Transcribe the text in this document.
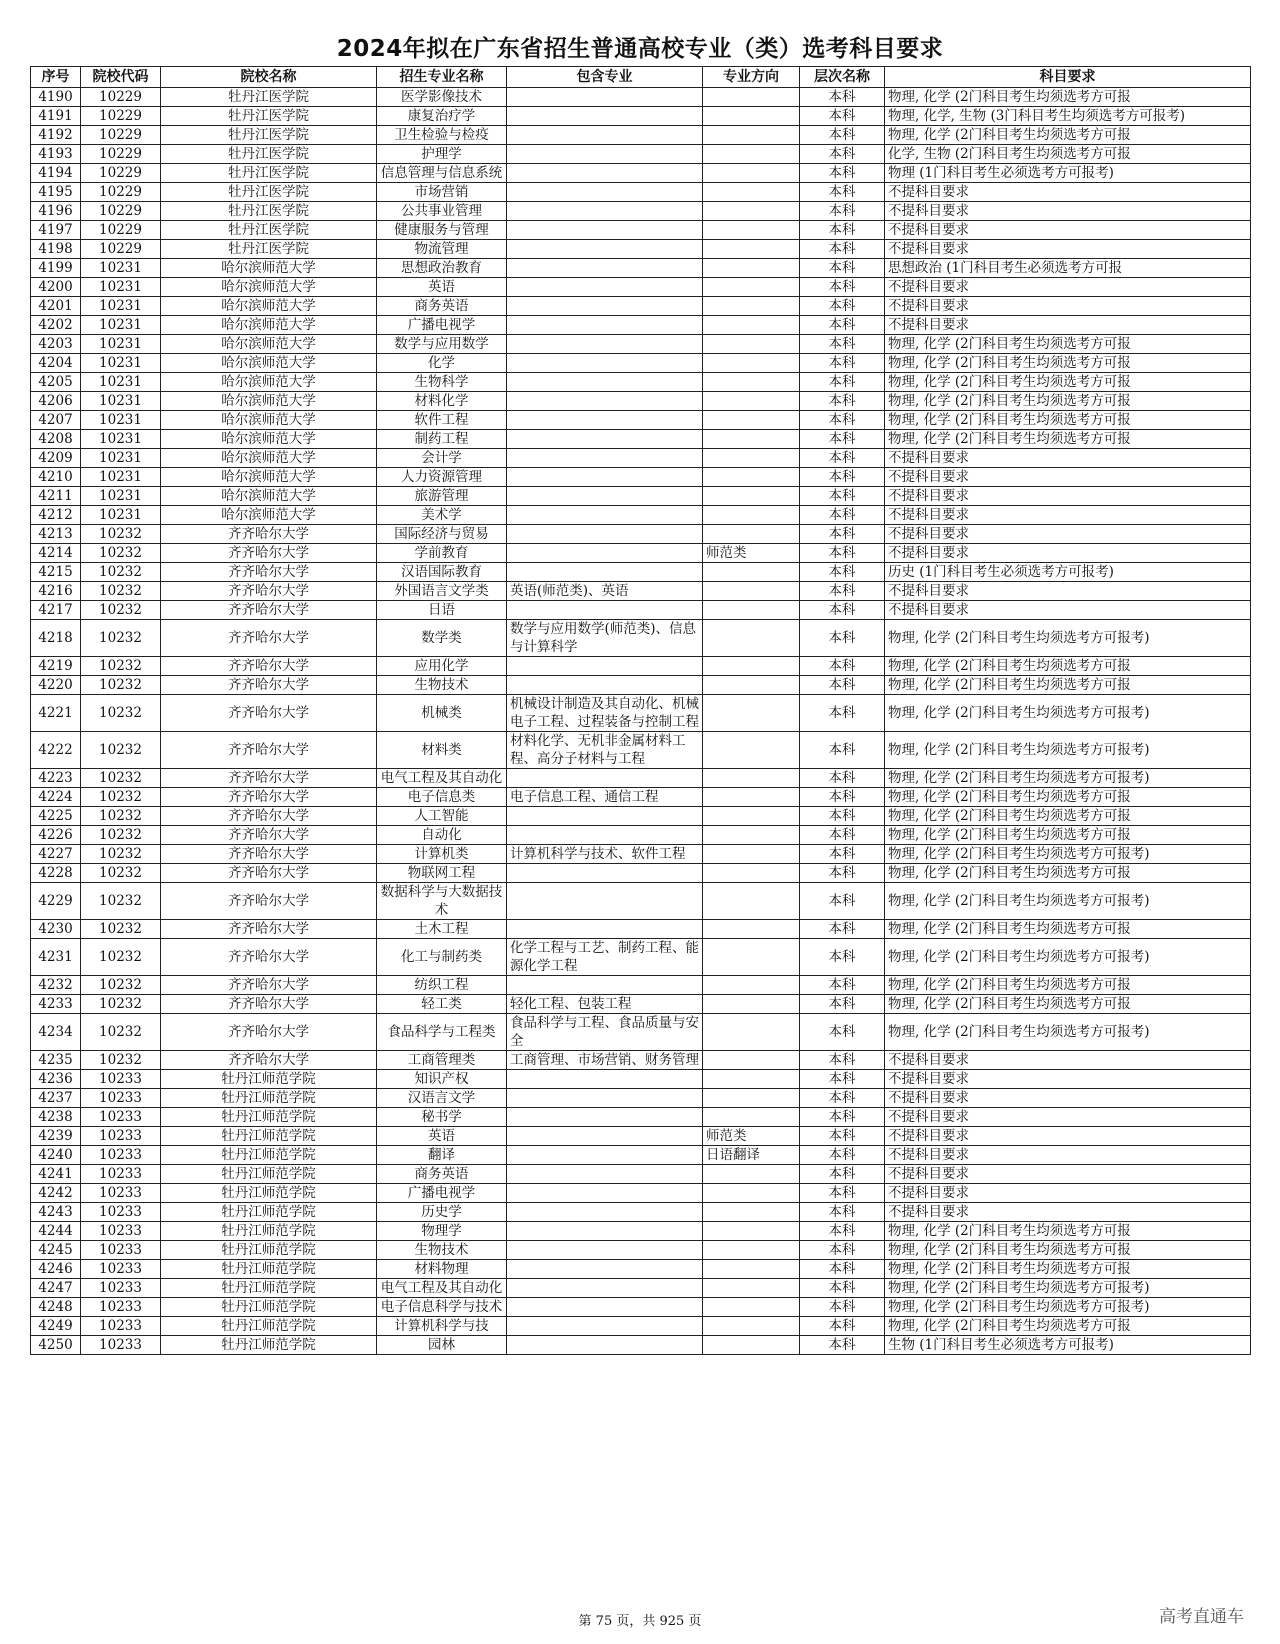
2024年拟在广东省招生普通高校专业（类）选考科目要求
序号	院校代码	院校名称	招生专业名称	包含专业	专业方向	层次名称	科目要求
4190	10229	牡丹江医学院	医学影像技术			本科	物理, 化学 (2门科目考生均须选考方可报
4191	10229	牡丹江医学院	康复治疗学			本科	物理, 化学, 生物 (3门科目考生均须选考方可报考)
4192	10229	牡丹江医学院	卫生检验与检疫			本科	物理, 化学 (2门科目考生均须选考方可报
4193	10229	牡丹江医学院	护理学			本科	化学, 生物 (2门科目考生均须选考方可报
4194	10229	牡丹江医学院	信息管理与信息系统			本科	物理 (1门科目考生必须选考方可报考)
4195	10229	牡丹江医学院	市场营销			本科	不提科目要求
4196	10229	牡丹江医学院	公共事业管理			本科	不提科目要求
4197	10229	牡丹江医学院	健康服务与管理			本科	不提科目要求
4198	10229	牡丹江医学院	物流管理			本科	不提科目要求
4199	10231	哈尔滨师范大学	思想政治教育			本科	思想政治 (1门科目考生必须选考方可报
4200	10231	哈尔滨师范大学	英语			本科	不提科目要求
4201	10231	哈尔滨师范大学	商务英语			本科	不提科目要求
4202	10231	哈尔滨师范大学	广播电视学			本科	不提科目要求
4203	10231	哈尔滨师范大学	数学与应用数学			本科	物理, 化学 (2门科目考生均须选考方可报
4204	10231	哈尔滨师范大学	化学			本科	物理, 化学 (2门科目考生均须选考方可报
4205	10231	哈尔滨师范大学	生物科学			本科	物理, 化学 (2门科目考生均须选考方可报
4206	10231	哈尔滨师范大学	材料化学			本科	物理, 化学 (2门科目考生均须选考方可报
4207	10231	哈尔滨师范大学	软件工程			本科	物理, 化学 (2门科目考生均须选考方可报
4208	10231	哈尔滨师范大学	制药工程			本科	物理, 化学 (2门科目考生均须选考方可报
4209	10231	哈尔滨师范大学	会计学			本科	不提科目要求
4210	10231	哈尔滨师范大学	人力资源管理			本科	不提科目要求
4211	10231	哈尔滨师范大学	旅游管理			本科	不提科目要求
4212	10231	哈尔滨师范大学	美术学			本科	不提科目要求
4213	10232	齐齐哈尔大学	国际经济与贸易			本科	不提科目要求
4214	10232	齐齐哈尔大学	学前教育		师范类	本科	不提科目要求
4215	10232	齐齐哈尔大学	汉语国际教育			本科	历史 (1门科目考生必须选考方可报考)
4216	10232	齐齐哈尔大学	外国语言文学类	英语(师范类)、英语		本科	不提科目要求
4217	10232	齐齐哈尔大学	日语			本科	不提科目要求
4218	10232	齐齐哈尔大学	数学类	数学与应用数学(师范类)、信息与计算科学		本科	物理, 化学 (2门科目考生均须选考方可报考)
4219	10232	齐齐哈尔大学	应用化学			本科	物理, 化学 (2门科目考生均须选考方可报
4220	10232	齐齐哈尔大学	生物技术			本科	物理, 化学 (2门科目考生均须选考方可报
4221	10232	齐齐哈尔大学	机械类	机械设计制造及其自动化、机械电子工程、过程装备与控制工程		本科	物理, 化学 (2门科目考生均须选考方可报考)
4222	10232	齐齐哈尔大学	材料类	材料化学、无机非金属材料工程、高分子材料与工程		本科	物理, 化学 (2门科目考生均须选考方可报考)
4223	10232	齐齐哈尔大学	电气工程及其自动化			本科	物理, 化学 (2门科目考生均须选考方可报考)
4224	10232	齐齐哈尔大学	电子信息类	电子信息工程、通信工程		本科	物理, 化学 (2门科目考生均须选考方可报
4225	10232	齐齐哈尔大学	人工智能			本科	物理, 化学 (2门科目考生均须选考方可报
4226	10232	齐齐哈尔大学	自动化			本科	物理, 化学 (2门科目考生均须选考方可报
4227	10232	齐齐哈尔大学	计算机类	计算机科学与技术、软件工程		本科	物理, 化学 (2门科目考生均须选考方可报考)
4228	10232	齐齐哈尔大学	物联网工程			本科	物理, 化学 (2门科目考生均须选考方可报
4229	10232	齐齐哈尔大学	数据科学与大数据技术			本科	物理, 化学 (2门科目考生均须选考方可报考)
4230	10232	齐齐哈尔大学	土木工程			本科	物理, 化学 (2门科目考生均须选考方可报
4231	10232	齐齐哈尔大学	化工与制药类	化学工程与工艺、制药工程、能源化学工程		本科	物理, 化学 (2门科目考生均须选考方可报考)
4232	10232	齐齐哈尔大学	纺织工程			本科	物理, 化学 (2门科目考生均须选考方可报
4233	10232	齐齐哈尔大学	轻工类	轻化工程、包装工程		本科	物理, 化学 (2门科目考生均须选考方可报
4234	10232	齐齐哈尔大学	食品科学与工程类	食品科学与工程、食品质量与安全		本科	物理, 化学 (2门科目考生均须选考方可报考)
4235	10232	齐齐哈尔大学	工商管理类	工商管理、市场营销、财务管理		本科	不提科目要求
4236	10233	牡丹江师范学院	知识产权			本科	不提科目要求
4237	10233	牡丹江师范学院	汉语言文学			本科	不提科目要求
4238	10233	牡丹江师范学院	秘书学			本科	不提科目要求
4239	10233	牡丹江师范学院	英语		师范类	本科	不提科目要求
4240	10233	牡丹江师范学院	翻译		日语翻译	本科	不提科目要求
4241	10233	牡丹江师范学院	商务英语			本科	不提科目要求
4242	10233	牡丹江师范学院	广播电视学			本科	不提科目要求
4243	10233	牡丹江师范学院	历史学			本科	不提科目要求
4244	10233	牡丹江师范学院	物理学			本科	物理, 化学 (2门科目考生均须选考方可报
4245	10233	牡丹江师范学院	生物技术			本科	物理, 化学 (2门科目考生均须选考方可报
4246	10233	牡丹江师范学院	材料物理			本科	物理, 化学 (2门科目考生均须选考方可报
4247	10233	牡丹江师范学院	电气工程及其自动化			本科	物理, 化学 (2门科目考生均须选考方可报考)
4248	10233	牡丹江师范学院	电子信息科学与技术			本科	物理, 化学 (2门科目考生均须选考方可报考)
4249	10233	牡丹江师范学院	计算机科学与技			本科	物理, 化学 (2门科目考生均须选考方可报
4250	10233	牡丹江师范学院	园林			本科	生物 (1门科目考生必须选考方可报考)
第 75 页，共 925 页	高考直通车
